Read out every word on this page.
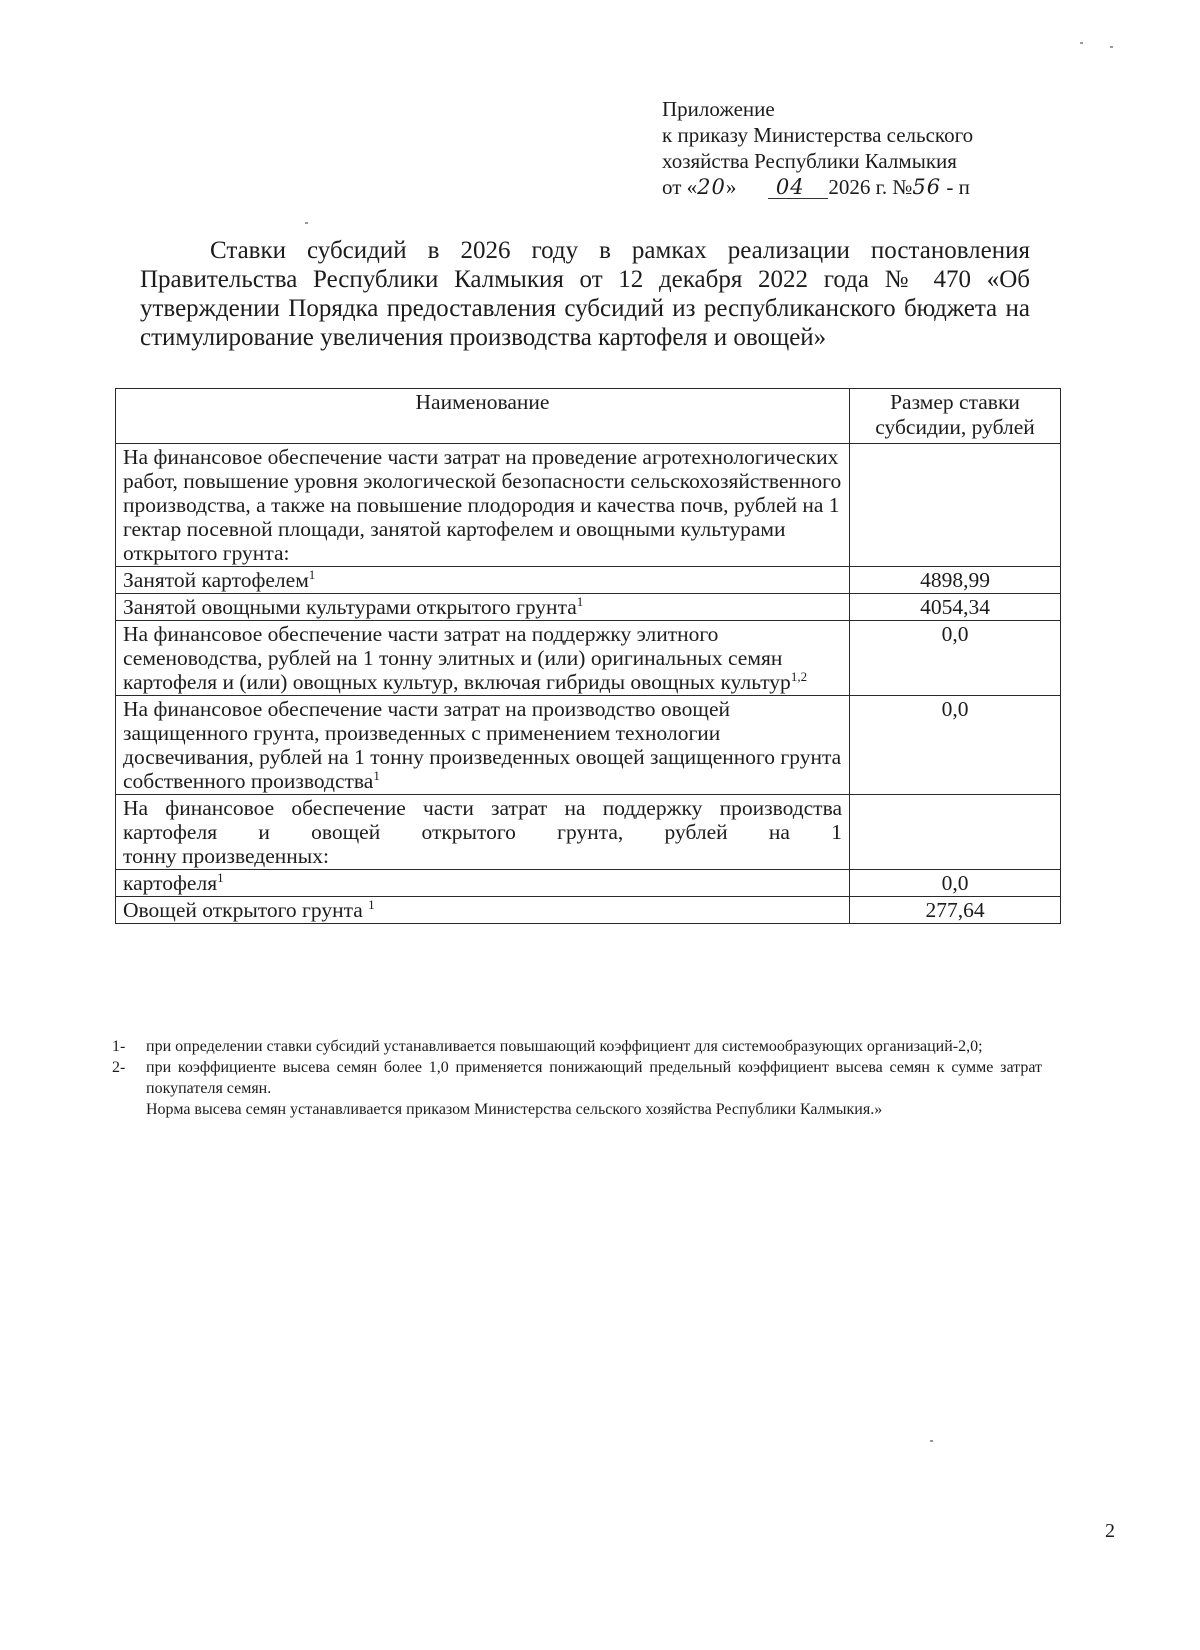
Приложение
к приказу Министерства сельского
хозяйства Республики Калмыкия
от «20» 04 2026 г. №56 - п

Ставки субсидий в 2026 году в рамках реализации постановления Правительства Республики Калмыкия от 12 декабря 2022 года № 470 «Об утверждении Порядка предоставления субсидий из республиканского бюджета на стимулирование увеличения производства картофеля и овощей»

Наименование	Размер ставки субсидии, рублей
На финансовое обеспечение части затрат на проведение агротехнологических работ, повышение уровня экологической безопасности сельскохозяйственного производства, а также на повышение плодородия и качества почв, рублей на 1 гектар посевной площади, занятой картофелем и овощными культурами открытого грунта:	
Занятой картофелем$^1$	4898,99
Занятой овощными культурами открытого грунта$^1$	4054,34
На финансовое обеспечение части затрат на поддержку элитного семеноводства, рублей на 1 тонну элитных и (или) оригинальных семян картофеля и (или) овощных культур, включая гибриды овощных культур$^{1,2}$	0,0
На финансовое обеспечение части затрат на производство овощей защищенного грунта, произведенных с применением технологии досвечивания, рублей на 1 тонну произведенных овощей защищенного грунта собственного производства$^1$	0,0
На финансовое обеспечение части затрат на поддержку производства картофеля и овощей открытого грунта, рублей на 1
тонну произведенных:	

картофеля$^1$	0,0
Овощей открытого грунта $^1$	277,64
1-	при определении ставки субсидий устанавливается повышающий коэффициент для системообразующих организаций-2,0;
2-	при коэффициенте высева семян более 1,0 применяется понижающий предельный коэффициент высева семян к сумме затрат покупателя семян.
Норма высева семян устанавливается приказом Министерства сельского хозяйства Республики Калмыкия.»
2
